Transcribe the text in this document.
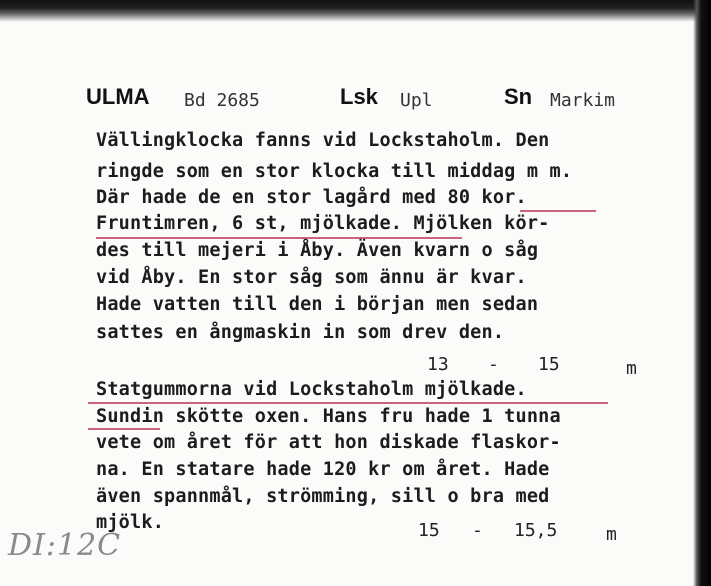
ULMA Bd 2685	Lsk Upl	Sn Markim
Vällingklocka fanns vid Lockstaholm. Den
ringde som en stor klocka till middag m m.
Där hade de en stor lagård med 80 kor.
Fruntimren, 6 st, mjölkade. Mjölken kör-
des till mejeri i Åby. Även kvarn o såg
vid Åby. En stor såg som ännu är kvar.
Hade vatten till den i början men sedan
sattes en ångmaskin in som drev den.
13 - 15	m
Statgummorna vid Lockstaholm mjölkade.
Sundin skötte oxen. Hans fru hade 1 tunna
vete om året för att hon diskade flaskor-
na. En statare hade 120 kr om året. Hade
även spannmål, strömming, sill o bra med
mjölk.	15 - 15,5	m
DI:12C
